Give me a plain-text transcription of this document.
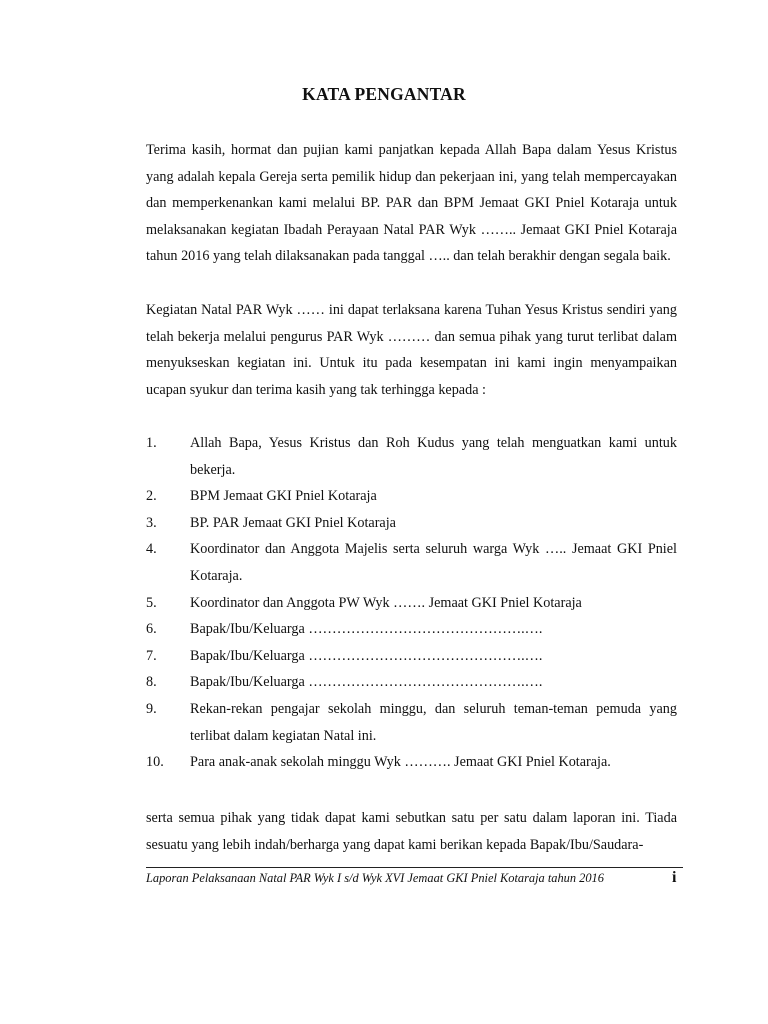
KATA PENGANTAR
Terima kasih, hormat dan pujian kami panjatkan kepada Allah Bapa dalam Yesus Kristus yang adalah kepala Gereja serta pemilik hidup dan pekerjaan ini, yang telah mempercayakan dan memperkenankan kami melalui BP. PAR dan BPM Jemaat GKI Pniel Kotaraja untuk melaksanakan kegiatan Ibadah Perayaan Natal PAR Wyk …….. Jemaat GKI Pniel Kotaraja tahun 2016 yang telah dilaksanakan pada tanggal ….. dan telah berakhir dengan segala baik.
Kegiatan Natal PAR Wyk …… ini dapat terlaksana karena Tuhan Yesus Kristus sendiri yang telah bekerja melalui pengurus PAR Wyk ……… dan semua pihak yang turut terlibat dalam menyukseskan kegiatan ini. Untuk itu pada kesempatan ini kami ingin menyampaikan ucapan syukur dan terima kasih yang tak terhingga kepada :
1.	Allah Bapa, Yesus Kristus dan Roh Kudus yang telah menguatkan kami untuk bekerja.
2.	BPM Jemaat GKI Pniel Kotaraja
3.	BP. PAR Jemaat GKI Pniel Kotaraja
4.	Koordinator dan Anggota Majelis serta seluruh warga Wyk ….. Jemaat GKI Pniel Kotaraja.
5.	Koordinator dan Anggota PW Wyk ……. Jemaat GKI Pniel Kotaraja
6.	Bapak/Ibu/Keluarga ……………………………………….….
7.	Bapak/Ibu/Keluarga ……………………………………….….
8.	Bapak/Ibu/Keluarga ……………………………………….….
9.	Rekan-rekan pengajar sekolah minggu, dan seluruh teman-teman pemuda yang terlibat dalam kegiatan Natal ini.
10.	Para anak-anak sekolah minggu Wyk ………. Jemaat GKI Pniel Kotaraja.
serta semua pihak yang tidak dapat kami sebutkan satu per satu dalam laporan ini. Tiada sesuatu yang lebih indah/berharga yang dapat kami berikan kepada Bapak/Ibu/Saudara-
Laporan Pelaksanaan Natal PAR Wyk I s/d Wyk XVI Jemaat GKI Pniel Kotaraja tahun 2016	i
